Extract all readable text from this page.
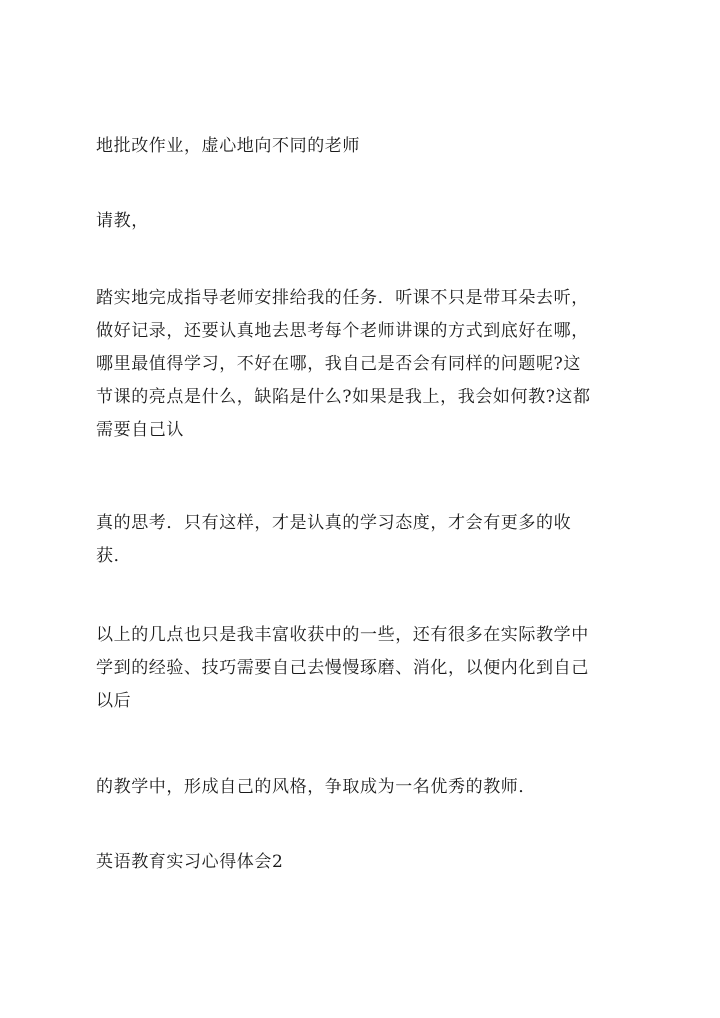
地批改作业，虚心地向不同的老师

请教，

踏实地完成指导老师安排给我的任务．听课不只是带耳朵去听，
做好记录，还要认真地去思考每个老师讲课的方式到底好在哪，
哪里最值得学习，不好在哪，我自己是否会有同样的问题呢?这
节课的亮点是什么，缺陷是什么?如果是我上，我会如何教?这都
需要自己认

真的思考．只有这样，才是认真的学习态度，才会有更多的收
获．

以上的几点也只是我丰富收获中的一些，还有很多在实际教学中
学到的经验、技巧需要自己去慢慢琢磨、消化，以便内化到自己
以后

的教学中，形成自己的风格，争取成为一名优秀的教师．

英语教育实习心得体会2
